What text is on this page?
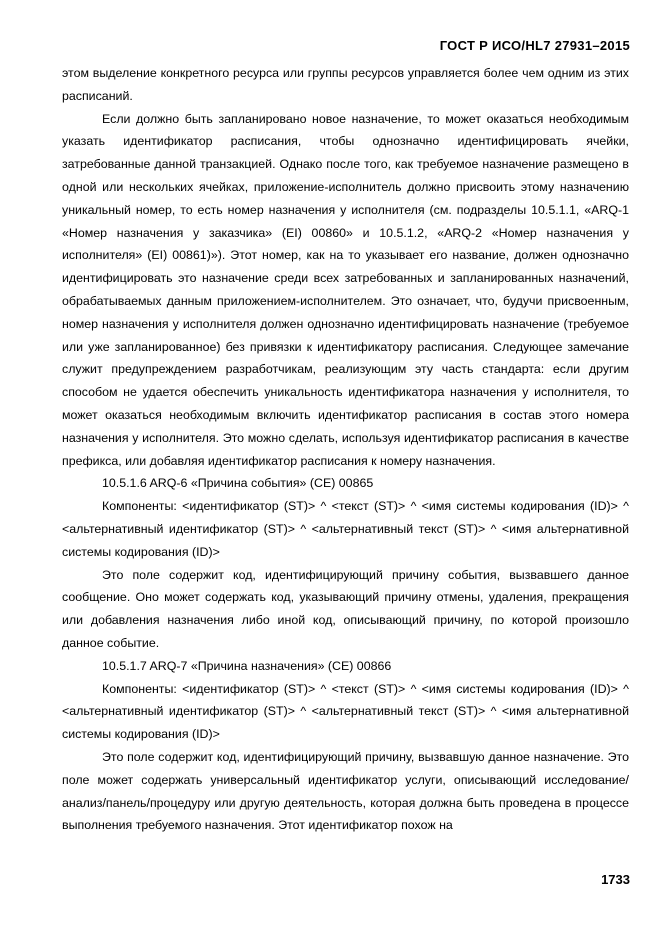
ГОСТ Р ИСО/HL7 27931–2015

этом выделение конкретного ресурса или группы ресурсов управляется более чем одним из этих расписаний.

Если должно быть запланировано новое назначение, то может оказаться необходимым указать идентификатор расписания, чтобы однозначно идентифицировать ячейки, затребованные данной транзакцией. Однако после того, как требуемое назначение размещено в одной или нескольких ячейках, приложение-исполнитель должно присвоить этому назначению уникальный номер, то есть номер назначения у исполнителя (см. подразделы 10.5.1.1, «ARQ-1 «Номер назначения у заказчика» (EI) 00860» и 10.5.1.2, «ARQ-2 «Номер назначения у исполнителя» (EI) 00861)»). Этот номер, как на то указывает его название, должен однозначно идентифицировать это назначение среди всех затребованных и запланированных назначений, обрабатываемых данным приложением-исполнителем. Это означает, что, будучи присвоенным, номер назначения у исполнителя должен однозначно идентифицировать назначение (требуемое или уже запланированное) без привязки к идентификатору расписания. Следующее замечание служит предупреждением разработчикам, реализующим эту часть стандарта: если другим способом не удается обеспечить уникальность идентификатора назначения у исполнителя, то может оказаться необходимым включить идентификатор расписания в состав этого номера назначения у исполнителя. Это можно сделать, используя идентификатор расписания в качестве префикса, или добавляя идентификатор расписания к номеру назначения.

10.5.1.6 ARQ-6 «Причина события» (CE) 00865

Компоненты: <идентификатор (ST)> ^ <текст (ST)> ^ <имя системы кодирования (ID)> ^ <альтернативный идентификатор (ST)> ^ <альтернативный текст (ST)> ^ <имя альтернативной системы кодирования (ID)>

Это поле содержит код, идентифицирующий причину события, вызвавшего данное сообщение. Оно может содержать код, указывающий причину отмены, удаления, прекращения или добавления назначения либо иной код, описывающий причину, по которой произошло данное событие.

10.5.1.7 ARQ-7 «Причина назначения» (CE) 00866

Компоненты: <идентификатор (ST)> ^ <текст (ST)> ^ <имя системы кодирования (ID)> ^ <альтернативный идентификатор (ST)> ^ <альтернативный текст (ST)> ^ <имя альтернативной системы кодирования (ID)>

Это поле содержит код, идентифицирующий причину, вызвавшую данное назначение. Это поле может содержать универсальный идентификатор услуги, описывающий исследование/анализ/панель/процедуру или другую деятельность, которая должна быть проведена в процессе выполнения требуемого назначения. Этот идентификатор похож на

1733
